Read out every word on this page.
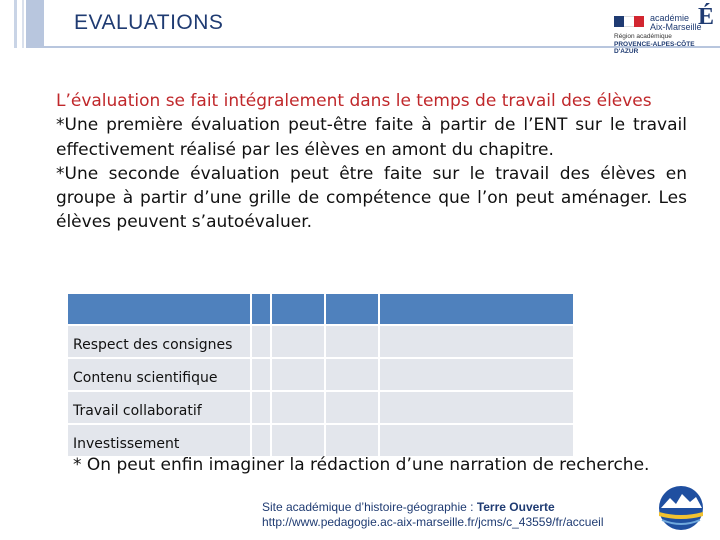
EVALUATIONS	académie
Aix-Marseille
É
Région académique
PROVENCE-ALPES-CÔTE D'AZUR

L’évaluation se fait intégralement dans le temps de travail des élèves

*Une première évaluation peut-être faite à partir de l’ENT sur le travail effectivement réalisé par les élèves en amont du chapitre.

*Une seconde évaluation peut être faite sur le travail des élèves en groupe à partir d’une grille de compétence que l’on peut aménager. Les élèves peuvent s’autoévaluer.

Respect des consignes				
Contenu scientifique				
Travail collaboratif				
Investissement				
* On peut enfin imaginer la rédaction d’une narration de recherche.
Site académique d’histoire-géographie : Terre Ouverte
http://www.pedagogie.ac-aix-marseille.fr/jcms/c_43559/fr/accueil
